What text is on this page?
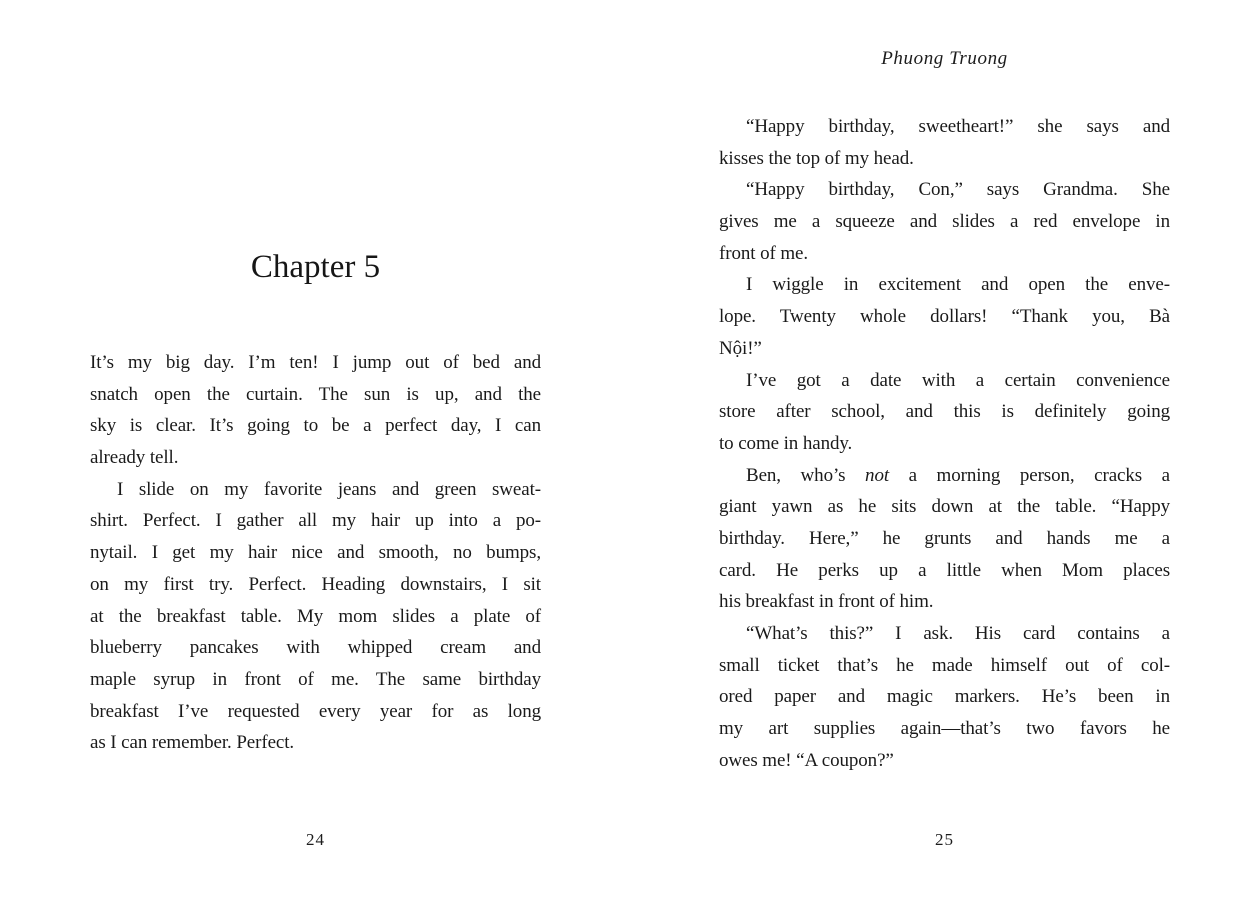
Chapter 5
It’s my big day. I’m ten! I jump out of bed and
snatch open the curtain. The sun is up, and the
sky is clear. It’s going to be a perfect day, I can
already tell.
I slide on my favorite jeans and green sweat-
shirt. Perfect. I gather all my hair up into a po-
nytail. I get my hair nice and smooth, no bumps,
on my first try. Perfect. Heading downstairs, I sit
at the breakfast table. My mom slides a plate of
blueberry pancakes with whipped cream and
maple syrup in front of me. The same birthday
breakfast I’ve requested every year for as long
as I can remember. Perfect.
24
Phuong Truong
“Happy birthday, sweetheart!” she says and
kisses the top of my head.
“Happy birthday, Con,” says Grandma. She
gives me a squeeze and slides a red envelope in
front of me.
I wiggle in excitement and open the enve-
lope. Twenty whole dollars! “Thank you, Bà
Nội!”
I’ve got a date with a certain convenience
store after school, and this is definitely going
to come in handy.
Ben, who’s not a morning person, cracks a
giant yawn as he sits down at the table. “Happy
birthday. Here,” he grunts and hands me a
card. He perks up a little when Mom places
his breakfast in front of him.
“What’s this?” I ask. His card contains a
small ticket that’s he made himself out of col-
ored paper and magic markers. He’s been in
my art supplies again—that’s two favors he
owes me! “A coupon?”
25
